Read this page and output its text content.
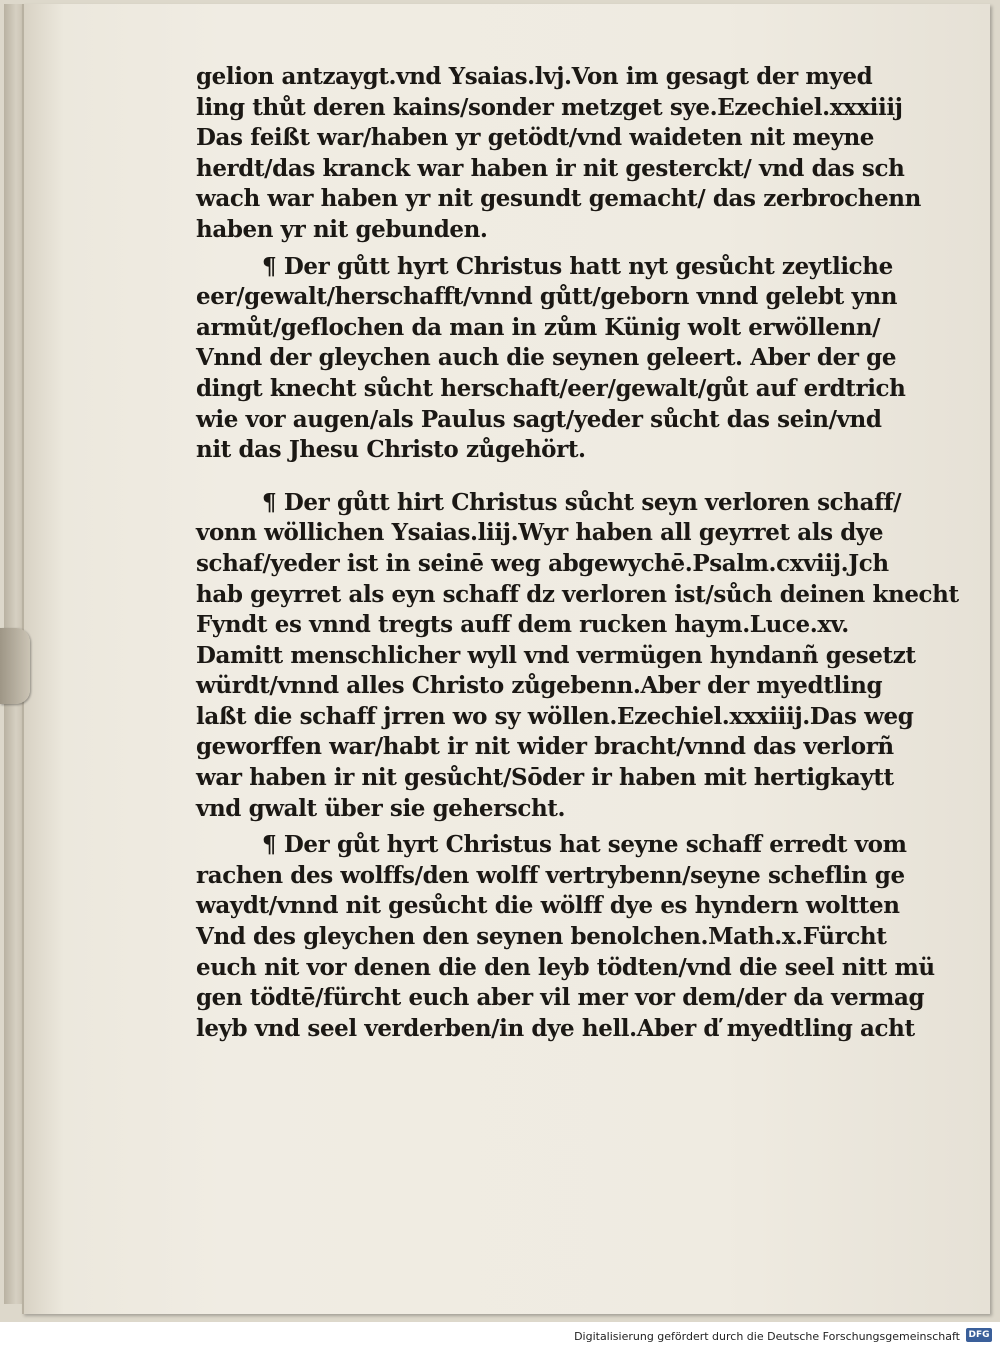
gelion antzaygt.vnd Ysaias.lvj.Von im gesagt der myed
ling thůt deren kains/sonder metzget sye.Ezechiel.xxxiiij
Das feißt war/haben yr getödt/vnd waideten nit meyne
herdt/das kranck war haben ir nit gesterckt/ vnd das sch
wach war haben yr nit gesundt gemacht/ das zerbrochenn
haben yr nit gebunden.
¶ Der gůtt hyrt Christus hatt nyt gesůcht zeytliche
eer/gewalt/herschafft/vnnd gůtt/geborn vnnd gelebt ynn
armůt/geflochen da man in zům Künig wolt erwöllenn/
Vnnd der gleychen auch die seynen geleert. Aber der ge
dingt knecht sůcht herschaft/eer/gewalt/gůt auf erdtrich
wie vor augen/als Paulus sagt/yeder sůcht das sein/vnd
nit das Jhesu Christo zůgehört.
¶ Der gůtt hirt Christus sůcht seyn verloren schaff/
vonn wöllichen Ysaias.liij.Wyr haben all geyrret als dye
schaf/yeder ist in seinē weg abgewychē.Psalm.cxviij.Jch
hab geyrret als eyn schaff dz verloren ist/sůch deinen knecht
Fyndt es vnnd tregts auff dem rucken haym.Luce.xv.
Damitt menschlicher wyll vnd vermügen hyndanñ gesetzt
würdt/vnnd alles Christo zůgebenn.Aber der myedtling
laßt die schaff jrren wo sy wöllen.Ezechiel.xxxiiij.Das weg
geworffen war/habt ir nit wider bracht/vnnd das verlorñ
war haben ir nit gesůcht/Sōder ir haben mit hertigkaytt
vnd gwalt über sie geherscht.
¶ Der gůt hyrt Christus hat seyne schaff erredt vom
rachen des wolffs/den wolff vertrybenn/seyne scheflin ge
waydt/vnnd nit gesůcht die wölff dye es hyndern woltten
Vnd des gleychen den seynen benolchen.Math.x.Fürcht
euch nit vor denen die den leyb tödten/vnd die seel nitt mü
gen tödtē/fürcht euch aber vil mer vor dem/der da vermag
leyb vnd seel verderben/in dye hell.Aber ď myedtling acht
Digitalisierung gefördert durch die Deutsche Forschungsgemeinschaft DFG
